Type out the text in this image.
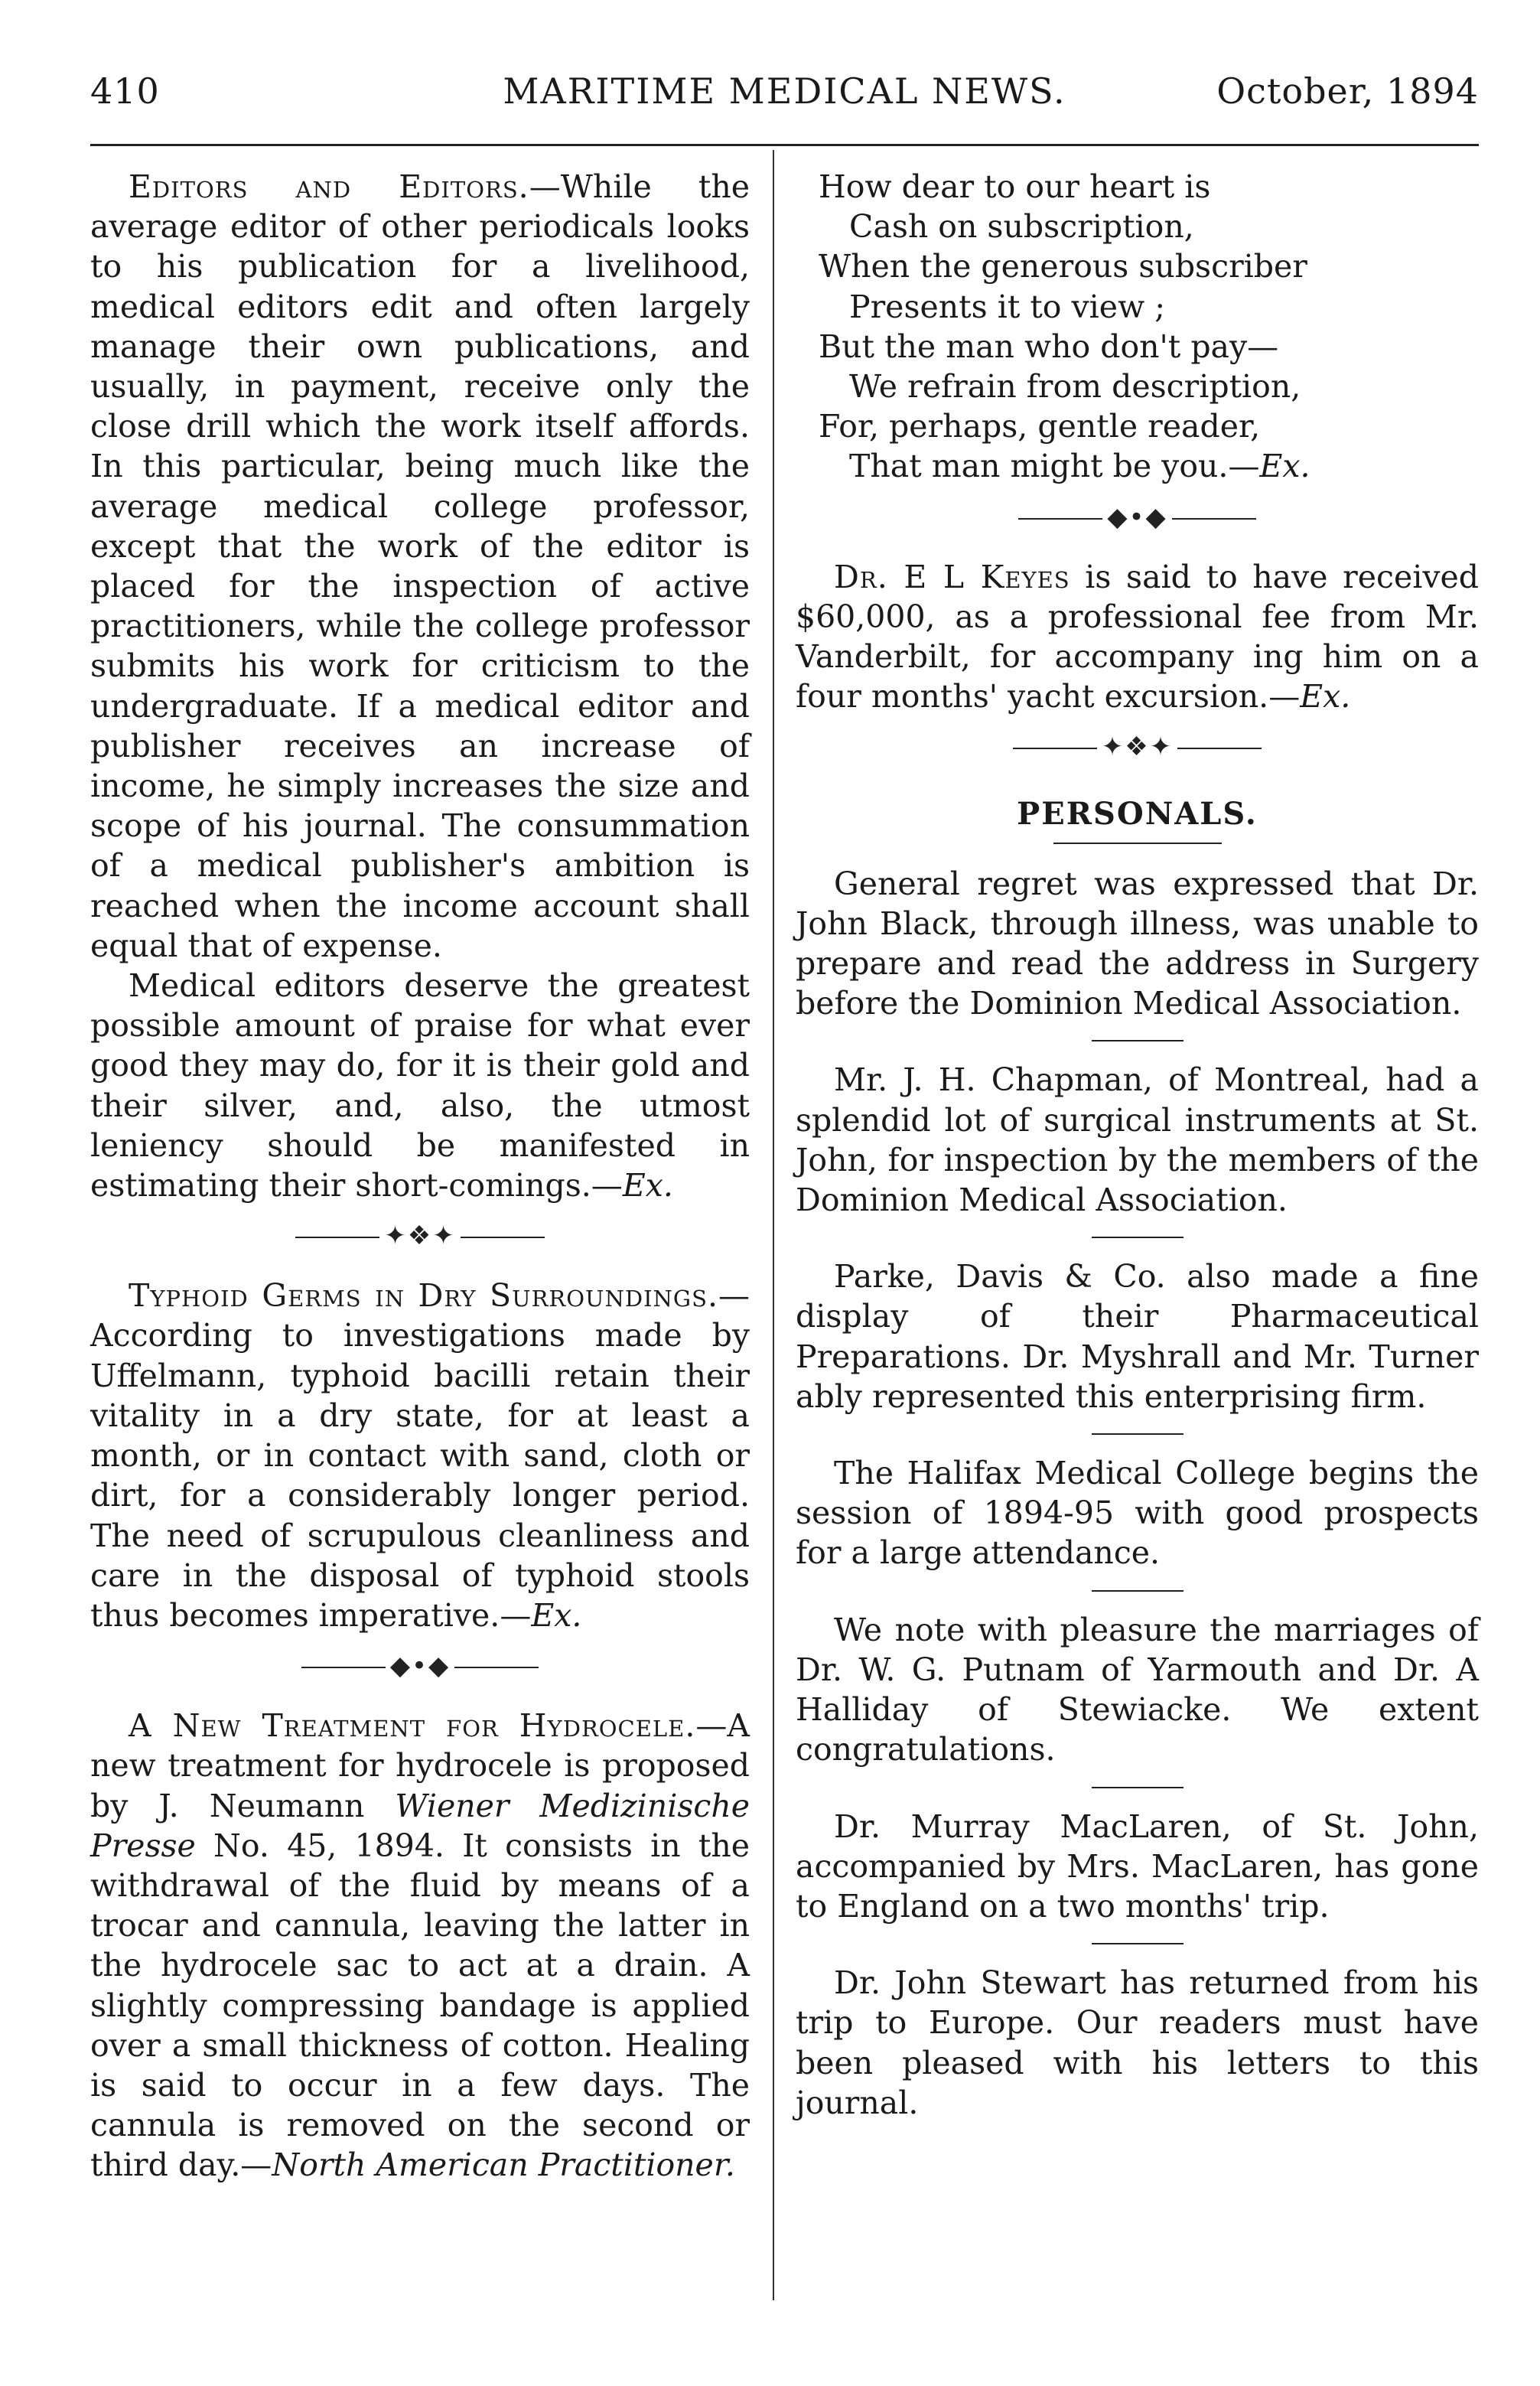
410	MARITIME MEDICAL NEWS.	October, 1894

Editors and Editors.—While the average editor of other periodicals looks to his publication for a livelihood, medical editors edit and often largely manage their own publications, and usually, in payment, receive only the close drill which the work itself affords. In this particular, being much like the average medical college professor, except that the work of the editor is placed for the inspection of active practitioners, while the college professor submits his work for criticism to the undergraduate. If a medical editor and publisher receives an increase of income, he simply increases the size and scope of his journal. The consummation of a medical publisher's ambition is reached when the income account shall equal that of expense.

Medical editors deserve the greatest possible amount of praise for what ever good they may do, for it is their gold and their silver, and, also, the utmost leniency should be manifested in estimating their short-comings.—Ex.

✦❖✦

Typhoid Germs in Dry Surroundings.—According to investigations made by Uffelmann, typhoid bacilli retain their vitality in a dry state, for at least a month, or in contact with sand, cloth or dirt, for a considerably longer period. The need of scrupulous cleanliness and care in the disposal of typhoid stools thus becomes imperative.—Ex.

◆•◆

A New Treatment for Hydrocele.—A new treatment for hydrocele is proposed by J. Neumann Wiener Medizinische Presse No. 45, 1894. It consists in the withdrawal of the fluid by means of a trocar and cannula, leaving the latter in the hydrocele sac to act at a drain. A slightly compressing bandage is applied over a small thickness of cotton. Healing is said to occur in a few days. The cannula is removed on the second or third day.—North American Practitioner.

How dear to our heart is

Cash on subscription,

When the generous subscriber

Presents it to view ;

But the man who don't pay—

We refrain from description,

For, perhaps, gentle reader,

That man might be you.—Ex.

◆•◆

Dr. E L Keyes is said to have received $60,000, as a professional fee from Mr. Vanderbilt, for accompany ing him on a four months' yacht excursion.—Ex.

✦❖✦
PERSONALS.

General regret was expressed that Dr. John Black, through illness, was unable to prepare and read the address in Surgery before the Dominion Medical Association.

Mr. J. H. Chapman, of Montreal, had a splendid lot of surgical instruments at St. John, for inspection by the members of the Dominion Medical Association.

Parke, Davis & Co. also made a fine display of their Pharmaceutical Preparations. Dr. Myshrall and Mr. Turner ably represented this enterprising firm.

The Halifax Medical College begins the session of 1894-95 with good prospects for a large attendance.

We note with pleasure the marriages of Dr. W. G. Putnam of Yarmouth and Dr. A Halliday of Stewiacke. We extent congratulations.

Dr. Murray MacLaren, of St. John, accompanied by Mrs. MacLaren, has gone to England on a two months' trip.

Dr. John Stewart has returned from his trip to Europe. Our readers must have been pleased with his letters to this journal.
